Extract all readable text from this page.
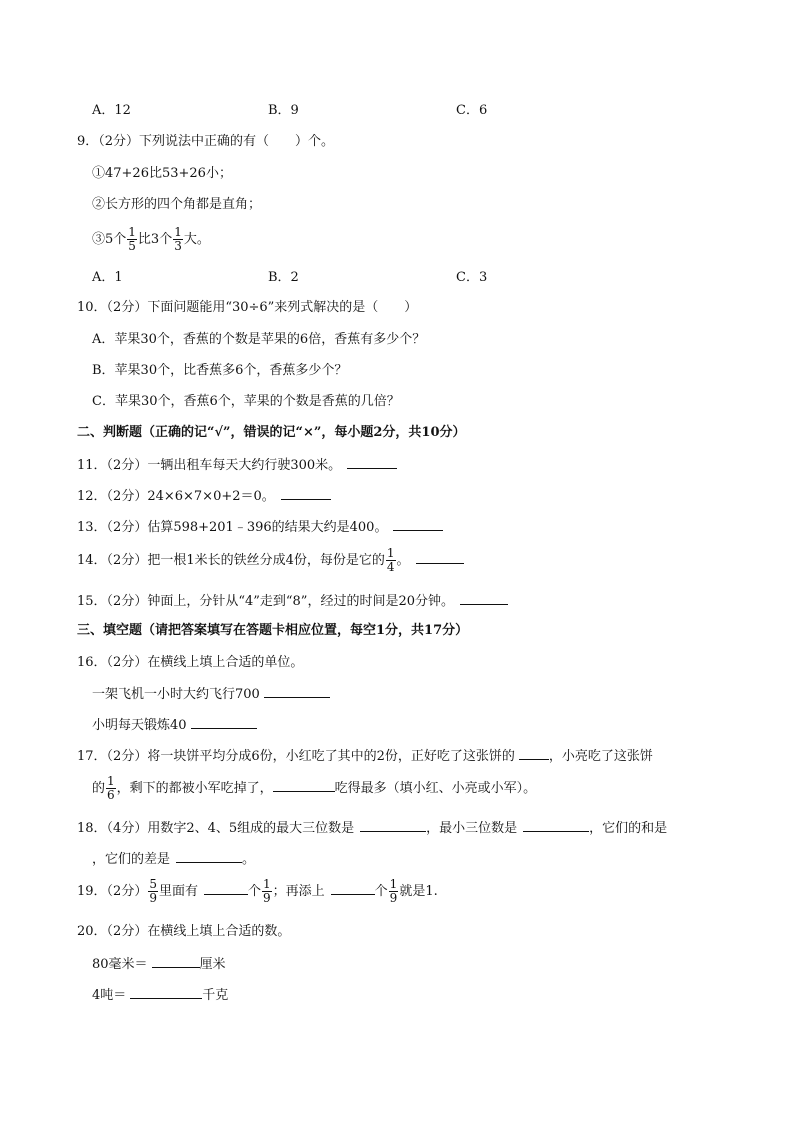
A．12	B．9	C．6
9．（2分）下列说法中正确的有（　　）个。
①47+26比53+26小；
②长方形的四个角都是直角；
③5个 $\frac{1}{5}$ 比3个 $\frac{1}{3}$ 大。
A．1	B．2	C．3
10．（2分）下面问题能用“30÷6”来列式解决的是（　　）
A．苹果30个，香蕉的个数是苹果的6倍，香蕉有多少个？
B．苹果30个，比香蕉多6个，香蕉多少个？
C．苹果30个，香蕉6个，苹果的个数是香蕉的几倍？
二、判断题（正确的记“√”，错误的记“×”，每小题2分，共10分）
11．（2分）一辆出租车每天大约行驶300米。
12．（2分）24×6×7×0+2＝0。
13．（2分）估算598+201﹣396的结果大约是400。
14．（2分）把一根1米长的铁丝分成4份，每份是它的 $\frac{1}{4}$ 。
15．（2分）钟面上，分针从“4”走到“8”，经过的时间是20分钟。
三、填空题（请把答案填写在答题卡相应位置，每空1分，共17分）
16．（2分）在横线上填上合适的单位。
一架飞机一小时大约飞行700
小明每天锻炼40
17．（2分）将一块饼平均分成6份，小红吃了其中的2份，正好吃了这张饼的	，小亮吃了这张饼
的 $\frac{1}{6}$ ，剩下的都被小军吃掉了，	吃得最多（填小红、小亮或小军）。
18．（4分）用数字2、4、5组成的最大三位数是	，最小三位数是	，它们的和是
，它们的差是	。
19．（2分） $\frac{5}{9}$ 里面有	个 $\frac{1}{9}$ ；再添上	个 $\frac{1}{9}$ 就是1.
20．（2分）在横线上填上合适的数。
80毫米＝	厘米
4吨＝	千克
